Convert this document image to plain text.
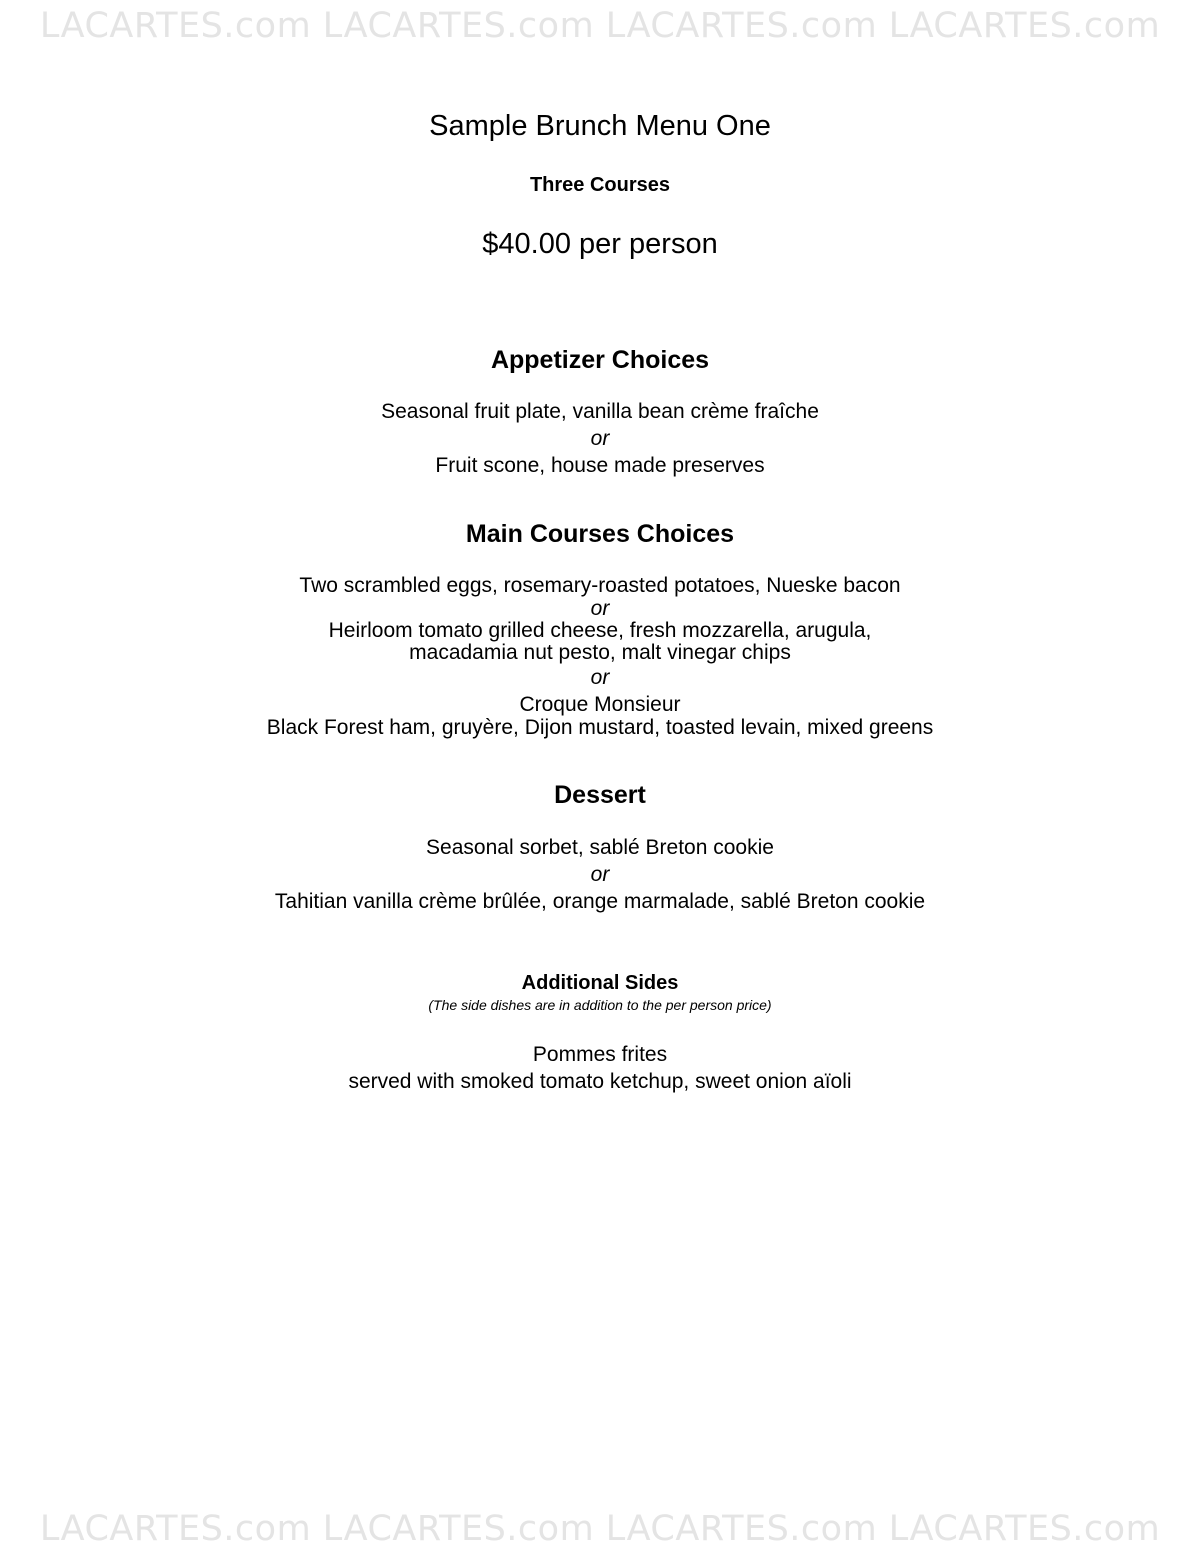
LACARTES.com LACARTES.com LACARTES.com LACARTES.com
Sample Brunch Menu One
Three Courses
$40.00 per person
Appetizer Choices
Seasonal fruit plate, vanilla bean crème fraîche
or
Fruit scone, house made preserves
Main Courses Choices
Two scrambled eggs, rosemary-roasted potatoes, Nueske bacon
or
Heirloom tomato grilled cheese, fresh mozzarella, arugula,
macadamia nut pesto, malt vinegar chips
or
Croque Monsieur
Black Forest ham, gruyère, Dijon mustard, toasted levain, mixed greens
Dessert
Seasonal sorbet, sablé Breton cookie
or
Tahitian vanilla crème brûlée, orange marmalade, sablé Breton cookie
Additional Sides
(The side dishes are in addition to the per person price)
Pommes frites
served with smoked tomato ketchup, sweet onion aïoli
LACARTES.com LACARTES.com LACARTES.com LACARTES.com
